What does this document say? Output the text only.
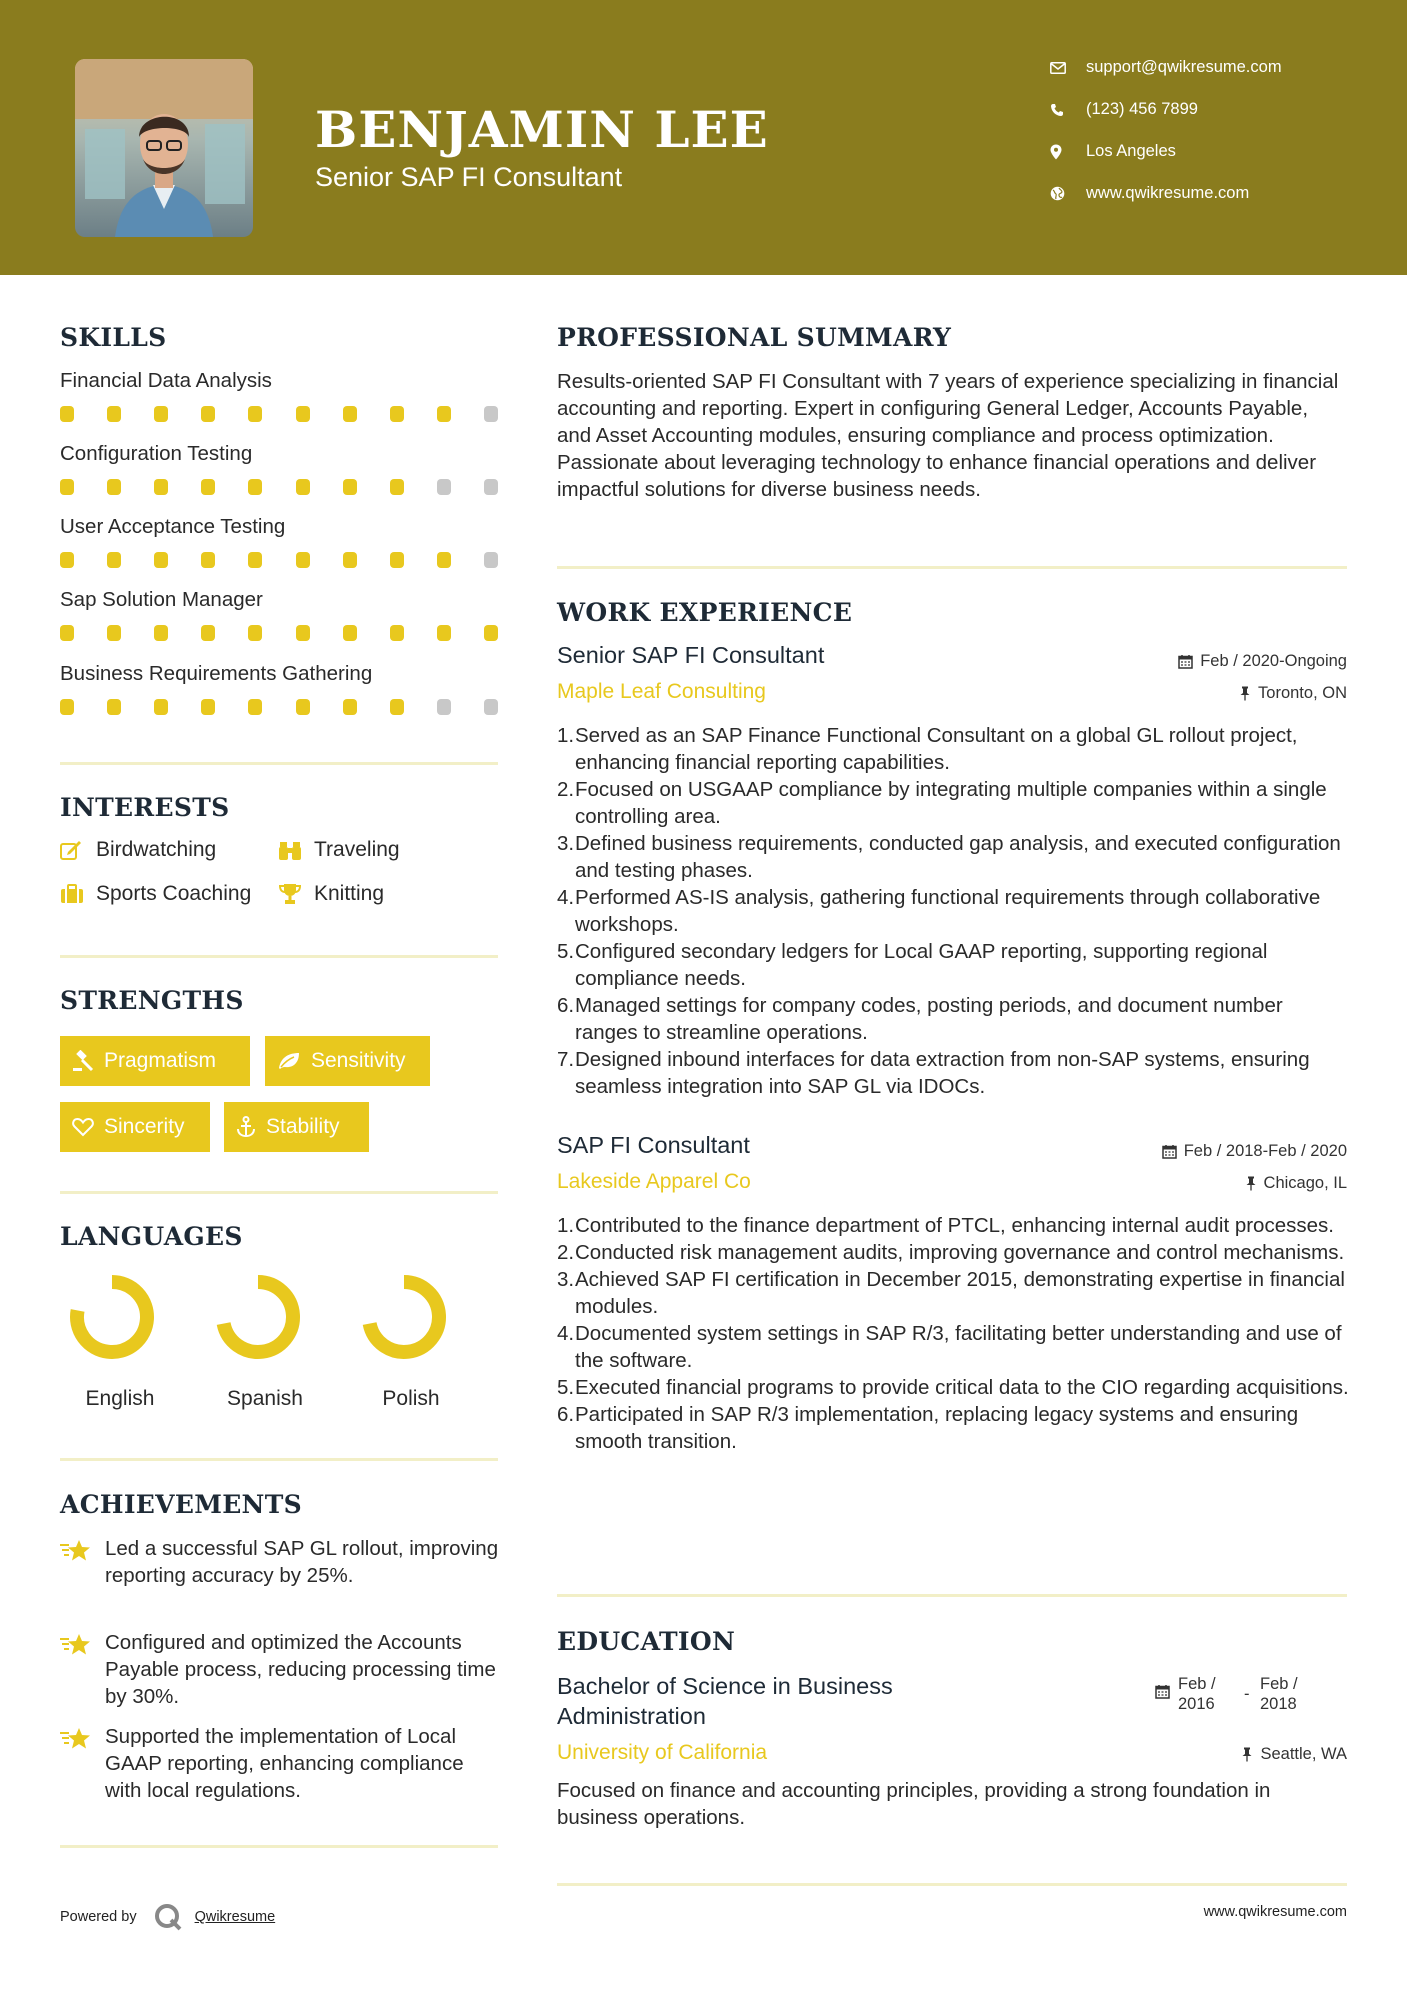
BENJAMIN LEE
Senior SAP FI Consultant
support@qwikresume.com
(123) 456 7899
Los Angeles
www.qwikresume.com
SKILLS
Financial Data Analysis
Configuration Testing
User Acceptance Testing
Sap Solution Manager
Business Requirements Gathering
INTERESTS
Birdwatching	Traveling
Sports Coaching	Knitting
STRENGTHS
Pragmatism	Sensitivity
Sincerity	Stability
LANGUAGES
English	Spanish	Polish
ACHIEVEMENTS
Led a successful SAP GL rollout, improving reporting accuracy by 25%.
Configured and optimized the Accounts Payable process, reducing processing time by 30%.
Supported the implementation of Local GAAP reporting, enhancing compliance with local regulations.
PROFESSIONAL SUMMARY
Results-oriented SAP FI Consultant with 7 years of experience specializing in financial accounting and reporting. Expert in configuring General Ledger, Accounts Payable, and Asset Accounting modules, ensuring compliance and process optimization. Passionate about leveraging technology to enhance financial operations and deliver impactful solutions for diverse business needs.
WORK EXPERIENCE
Senior SAP FI Consultant	Feb / 2020-Ongoing
Maple Leaf Consulting	Toronto, ON
1. Served as an SAP Finance Functional Consultant on a global GL rollout project, enhancing financial reporting capabilities.
2. Focused on USGAAP compliance by integrating multiple companies within a single controlling area.
3. Defined business requirements, conducted gap analysis, and executed configuration and testing phases.
4. Performed AS-IS analysis, gathering functional requirements through collaborative workshops.
5. Configured secondary ledgers for Local GAAP reporting, supporting regional compliance needs.
6. Managed settings for company codes, posting periods, and document number ranges to streamline operations.
7. Designed inbound interfaces for data extraction from non-SAP systems, ensuring seamless integration into SAP GL via IDOCs.
SAP FI Consultant	Feb / 2018-Feb / 2020
Lakeside Apparel Co	Chicago, IL
1. Contributed to the finance department of PTCL, enhancing internal audit processes.
2. Conducted risk management audits, improving governance and control mechanisms.
3. Achieved SAP FI certification in December 2015, demonstrating expertise in financial modules.
4. Documented system settings in SAP R/3, facilitating better understanding and use of the software.
5. Executed financial programs to provide critical data to the CIO regarding acquisitions.
6. Participated in SAP R/3 implementation, replacing legacy systems and ensuring smooth transition.
EDUCATION
Bachelor of Science in Business Administration
Feb / 2016
-
Feb / 2018
University of California	Seattle, WA
Focused on finance and accounting principles, providing a strong foundation in business operations.
Powered by	Qwikresume	www.qwikresume.com
